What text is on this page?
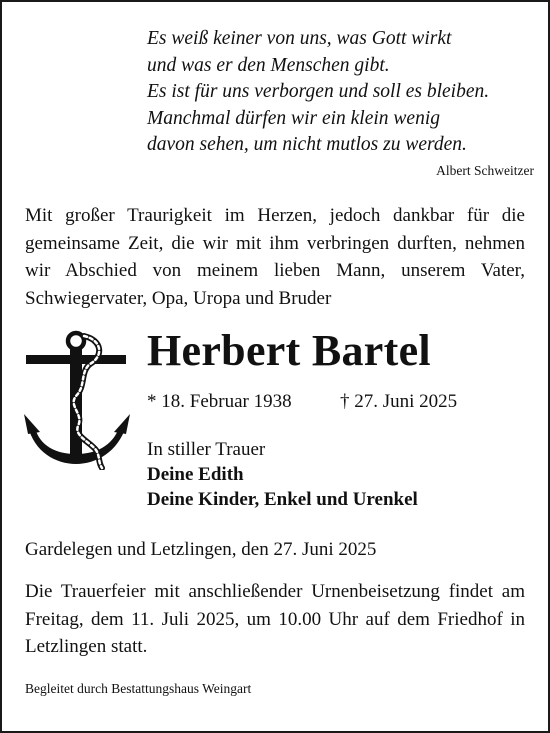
Es weiß keiner von uns, was Gott wirkt
und was er den Menschen gibt.
Es ist für uns verborgen und soll es bleiben.
Manchmal dürfen wir ein klein wenig
davon sehen, um nicht mutlos zu werden.
Albert Schweitzer
Mit großer Traurigkeit im Herzen, jedoch dankbar für die gemeinsame Zeit, die wir mit ihm verbringen durften, nehmen wir Abschied von meinem lieben Mann, unserem Vater, Schwiegervater, Opa, Uropa und Bruder
Herbert Bartel
* 18. Februar 1938	† 27. Juni 2025
In stiller Trauer
Deine Edith
Deine Kinder, Enkel und Urenkel
Gardelegen und Letzlingen, den 27. Juni 2025
Die Trauerfeier mit anschließender Urnenbeisetzung findet am Freitag, dem 11. Juli 2025, um 10.00 Uhr auf dem Friedhof in Letzlingen statt.
Begleitet durch Bestattungshaus Weingart
